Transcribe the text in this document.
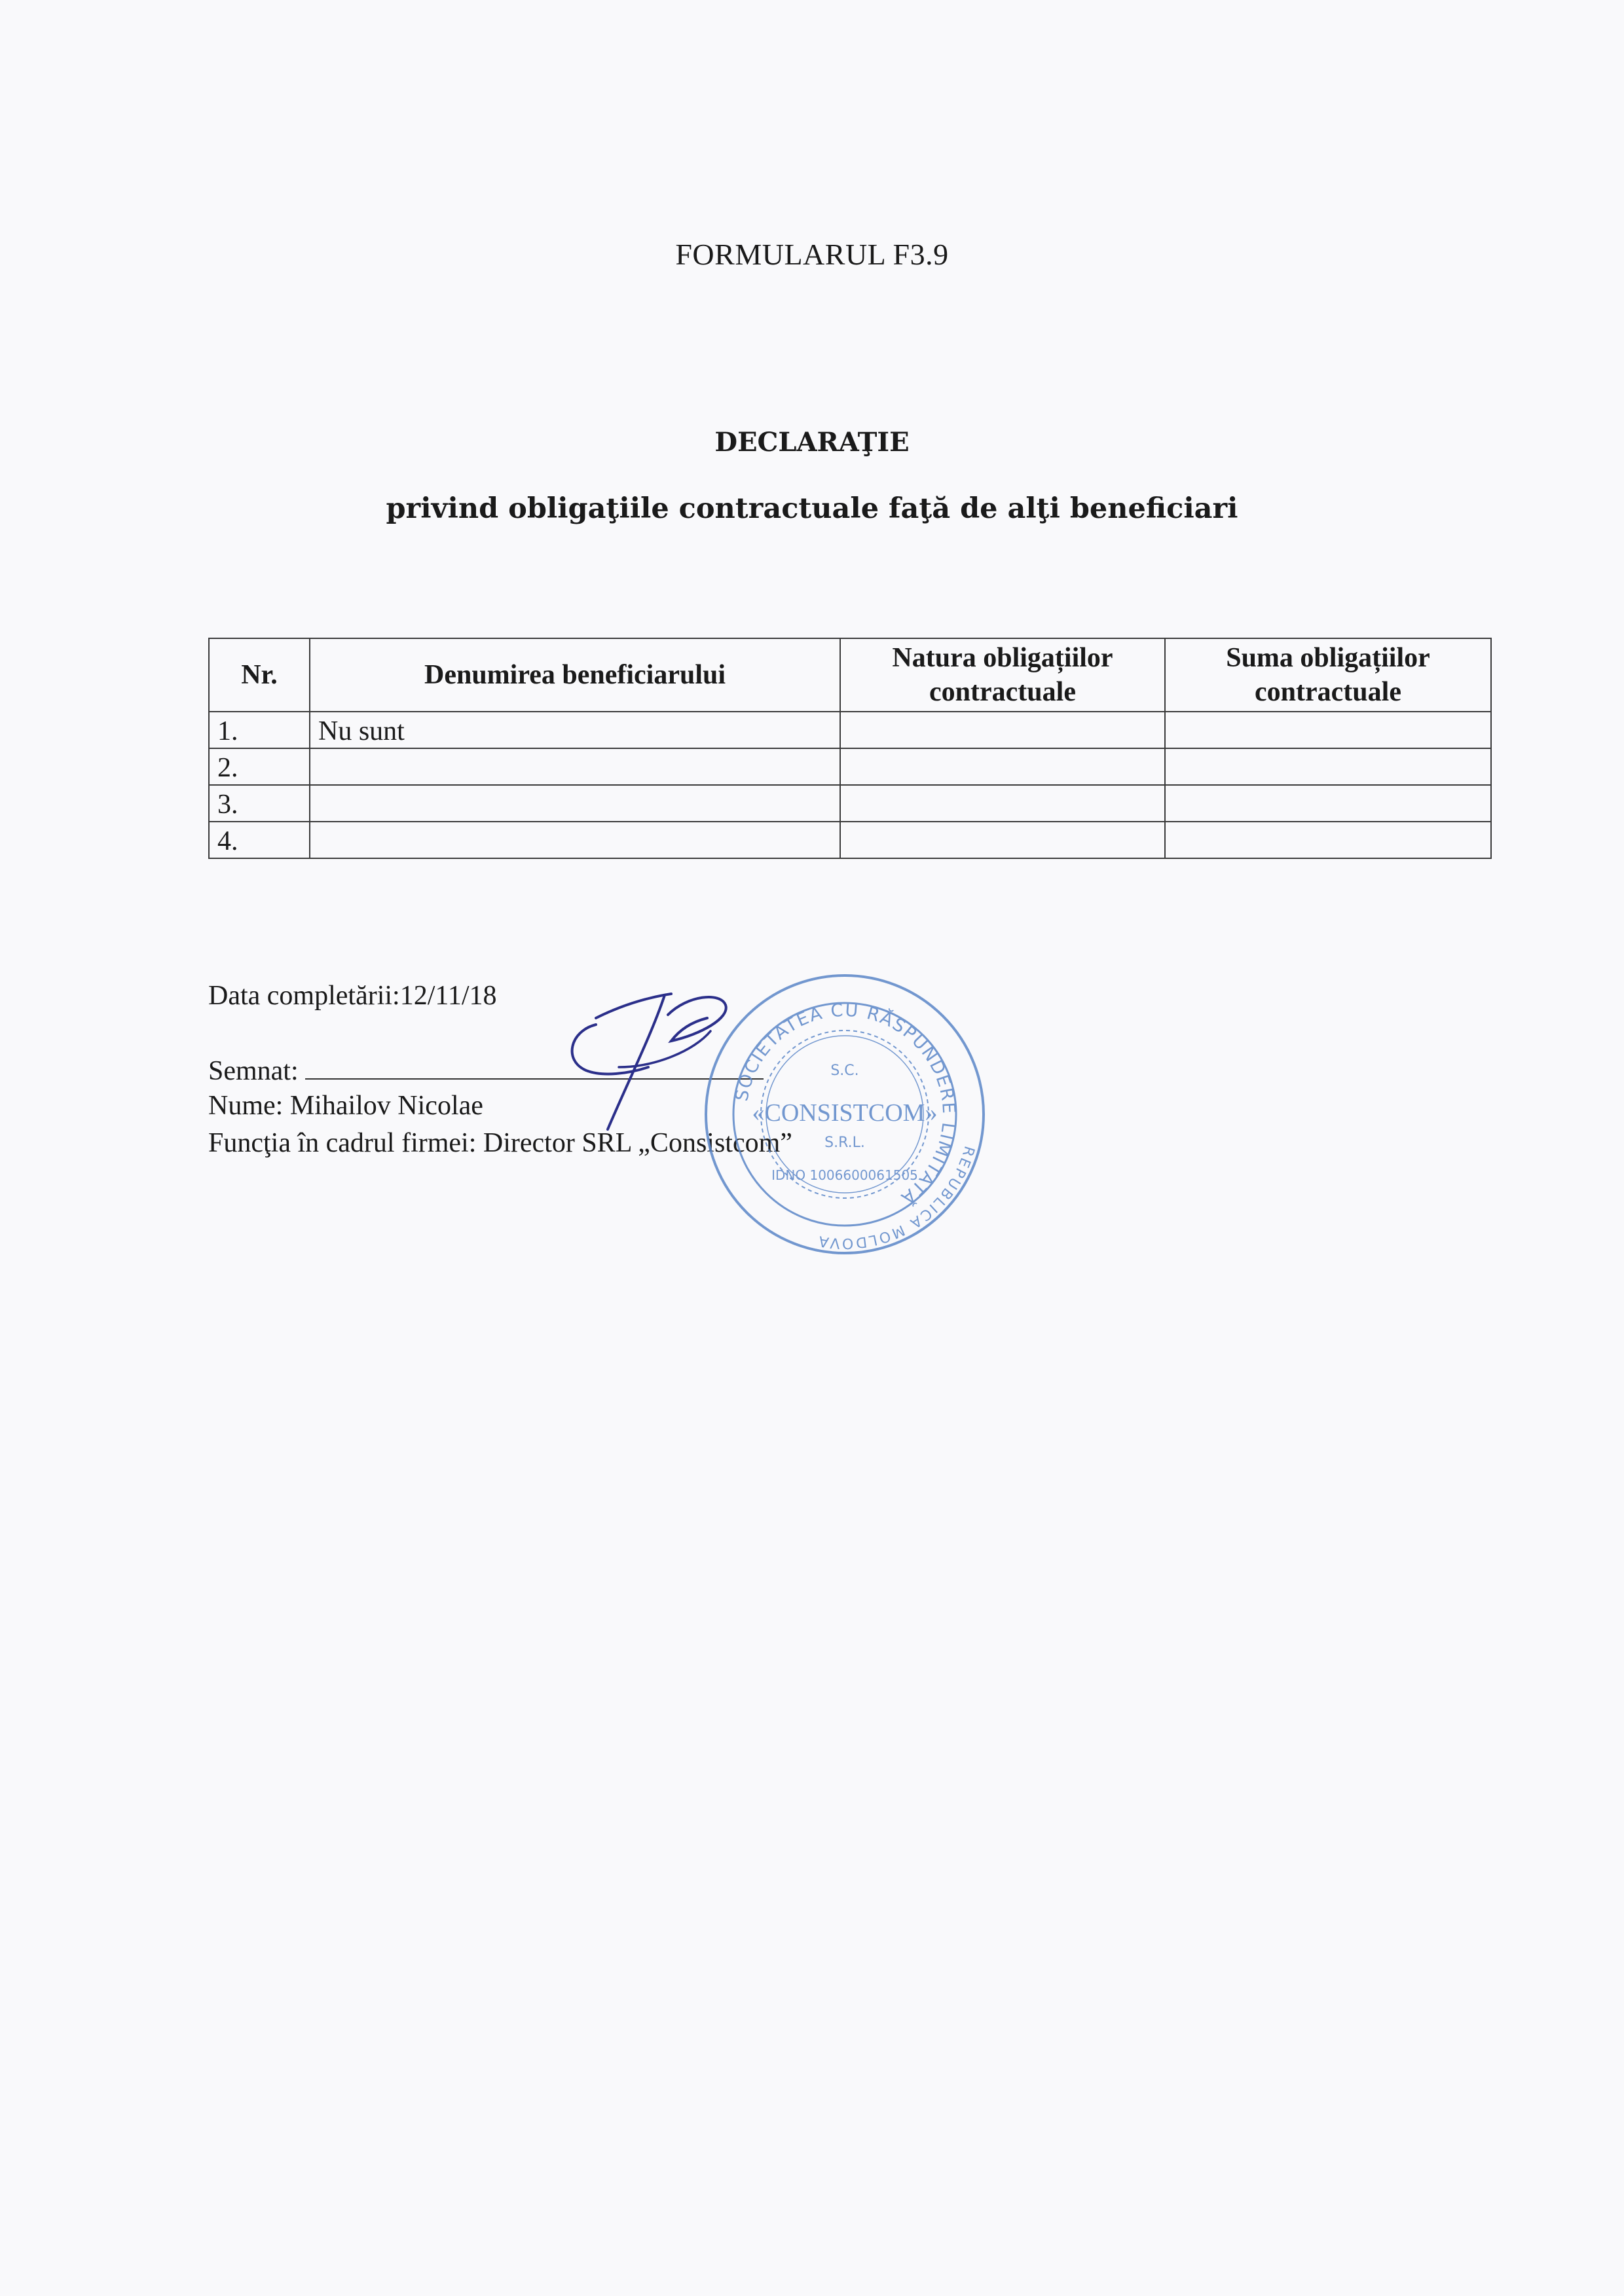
FORMULARUL F3.9
DECLARAŢIE
privind obligaţiile contractuale faţă de alţi beneficiari
Nr.	Denumirea beneficiarului	Natura obligațiilor contractuale	Suma obligațiilor contractuale
1.	Nu sunt		
2.			
3.			
4.			
Data completării:12/11/18
Semnat:
Nume: Mihailov Nicolae
Funcţia în cadrul firmei: Director SRL „Consistcom”
SOCIETATEA CU RĂSPUNDERE LIMITATĂ
REPUBLICA MOLDOVA
S.C.
«CONSISTCOM»
S.R.L.
IDNO 1006600061505
